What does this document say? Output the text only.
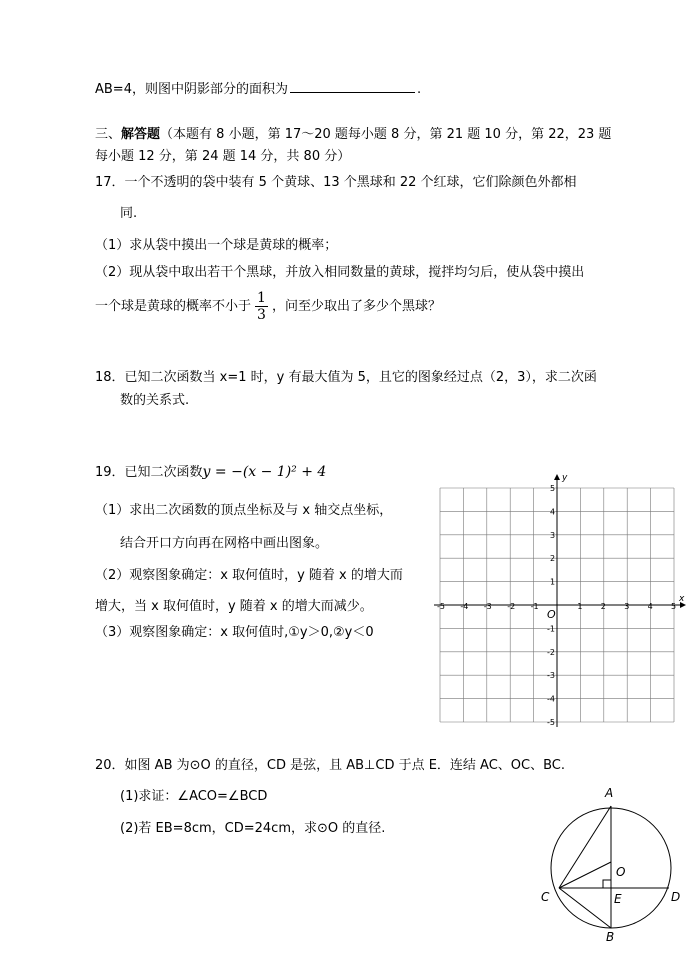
AB=4，则图中阴影部分的面积为	.
三、解答题（本题有 8 小题，第 17～20 题每小题 8 分，第 21 题 10 分，第 22，23 题
每小题 12 分，第 24 题 14 分，共 80 分）
17．一个不透明的袋中装有 5 个黄球、13 个黑球和 22 个红球，它们除颜色外都相
同.
（1）求从袋中摸出一个球是黄球的概率；
（2）现从袋中取出若干个黑球，并放入相同数量的黄球，搅拌均匀后，使从袋中摸出
一个球是黄球的概率不小于 $\frac{1}{3}$ ，问至少取出了多少个黑球？
18．已知二次函数当 x=1 时，y 有最大值为 5，且它的图象经过点（2，3），求二次函
数的关系式.
19．已知二次函数y = −(x − 1)² + 4
（1）求出二次函数的顶点坐标及与 x 轴交点坐标，
结合开口方向再在网格中画出图象。
（2）观察图象确定：x 取何值时，y 随着 x 的增大而
增大，当 x 取何值时，y 随着 x 的增大而减少。
（3）观察图象确定：x 取何值时,①y＞0,②y＜0
-5 -4 -3 -2 -1	1 2 3 4 5
5
4
3
2
1
-1
-2
-3
-4
-5
x
y
O
20．如图 AB 为⊙O 的直径，CD 是弦，且 AB⊥CD 于点 E．连结 AC、OC、BC.
(1)求证：∠ACO=∠BCD
(2)若 EB=8cm，CD=24cm，求⊙O 的直径.
A
B
C	D
E
O
